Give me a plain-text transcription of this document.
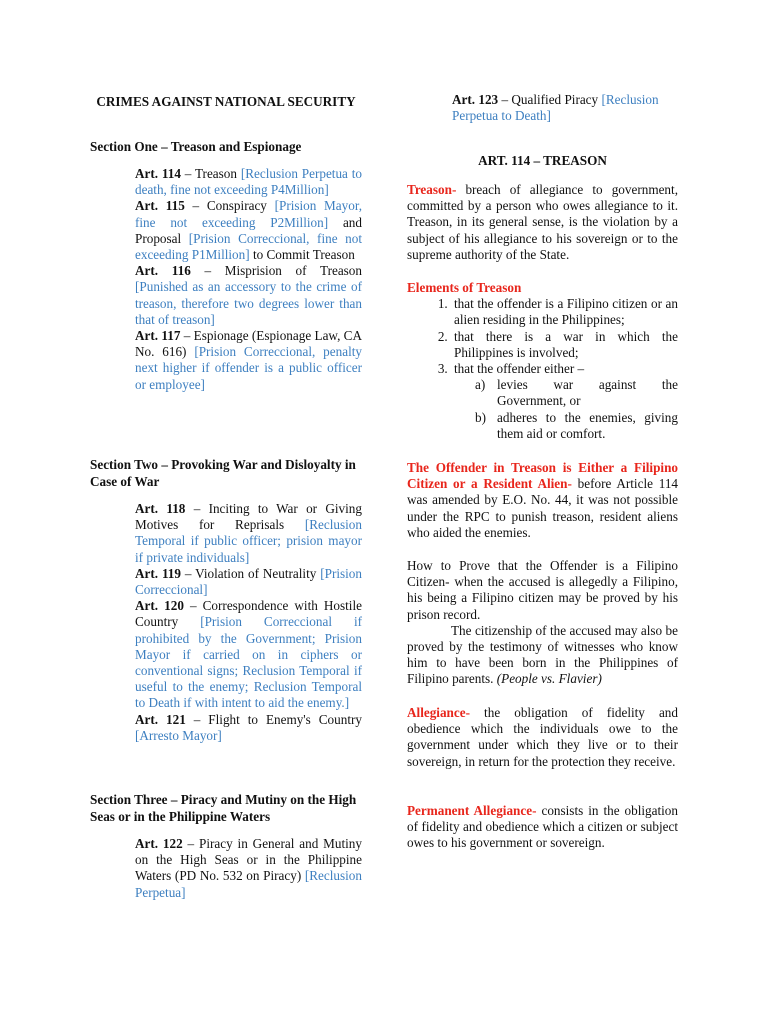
CRIMES AGAINST NATIONAL SECURITY
Section One – Treason and Espionage

Art. 114 – Treason [Reclusion Perpetua to death, fine not exceeding P4Million]

Art. 115 – Conspiracy [Prision Mayor, fine not exceeding P2Million] and Proposal [Prision Correccional, fine not exceeding P1Million] to Commit Treason

Art. 116 – Misprision of Treason [Punished as an accessory to the crime of treason, therefore two degrees lower than that of treason]

Art. 117 – Espionage (Espionage Law, CA No. 616) [Prision Correccional, penalty next higher if offender is a public officer or employee]

Section Two – Provoking War and Disloyalty in Case of War

Art. 118 – Inciting to War or Giving Motives for Reprisals [Reclusion Temporal if public officer; prision mayor if private individuals]

Art. 119 – Violation of Neutrality [Prision Correccional]

Art. 120 – Correspondence with Hostile Country [Prision Correccional if prohibited by the Government; Prision Mayor if carried on in ciphers or conventional signs; Reclusion Temporal if useful to the enemy; Reclusion Temporal to Death if with intent to aid the enemy.]

Art. 121 – Flight to Enemy's Country [Arresto Mayor]

Section Three – Piracy and Mutiny on the High Seas or in the Philippine Waters

Art. 122 – Piracy in General and Mutiny on the High Seas or in the Philippine Waters (PD No. 532 on Piracy) [Reclusion Perpetua]

Art. 123 – Qualified Piracy [Reclusion Perpetua to Death]
ART. 114 – TREASON
Treason- breach of allegiance to government, committed by a person who owes allegiance to it. Treason, in its general sense, is the violation by a subject of his allegiance to his sovereign or to the supreme authority of the State.
Elements of Treason
1. that the offender is a Filipino citizen or an alien residing in the Philippines;
2. that there is a war in which the Philippines is involved;
3. that the offender either –
a) levies war against the Government, or
b) adheres to the enemies, giving them aid or comfort.
The Offender in Treason is Either a Filipino Citizen or a Resident Alien- before Article 114 was amended by E.O. No. 44, it was not possible under the RPC to punish treason, resident aliens who aided the enemies.
How to Prove that the Offender is a Filipino Citizen- when the accused is allegedly a Filipino, his being a Filipino citizen may be proved by his prison record.
The citizenship of the accused may also be proved by the testimony of witnesses who know him to have been born in the Philippines of Filipino parents. (People vs. Flavier)
Allegiance- the obligation of fidelity and obedience which the individuals owe to the government under which they live or to their sovereign, in return for the protection they receive.
Permanent Allegiance- consists in the obligation of fidelity and obedience which a citizen or subject owes to his government or sovereign.
